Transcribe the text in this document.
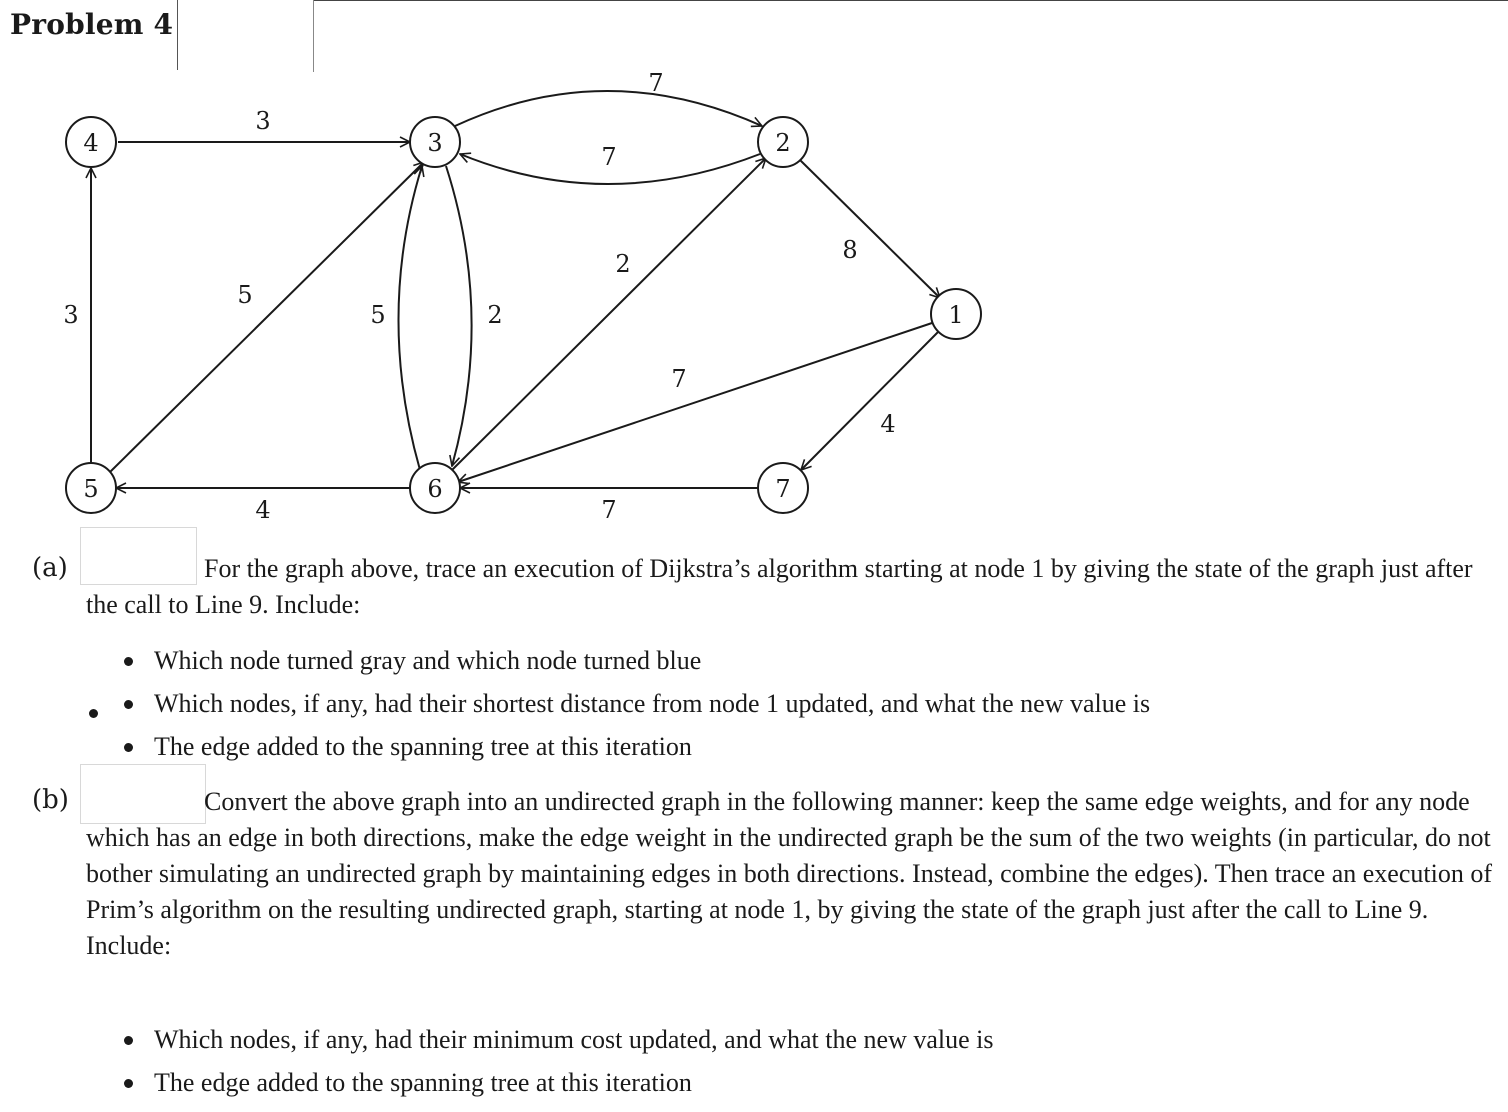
Problem 4
3
3
5
5	2
7
7
2	8
7
4
7
4
4	3	2
1
5	6	7
(a)	For the graph above, trace an execution of Dijkstra’s algorithm starting at node 1 by giving the state of the graph just after the call to Line 9. Include:
Which node turned gray and which node turned blue
Which nodes, if any, had their shortest distance from node 1 updated, and what the new value is
The edge added to the spanning tree at this iteration
(b)	Convert the above graph into an undirected graph in the following manner: keep the same edge weights, and for any node which has an edge in both directions, make the edge weight in the undirected graph be the sum of the two weights (in particular, do not bother simulating an undirected graph by maintaining edges in both directions. Instead, combine the edges). Then trace an execution of Prim’s algorithm on the resulting undirected graph, starting at node 1, by giving the state of the graph just after the call to Line 9. Include:
Which nodes, if any, had their minimum cost updated, and what the new value is
The edge added to the spanning tree at this iteration
